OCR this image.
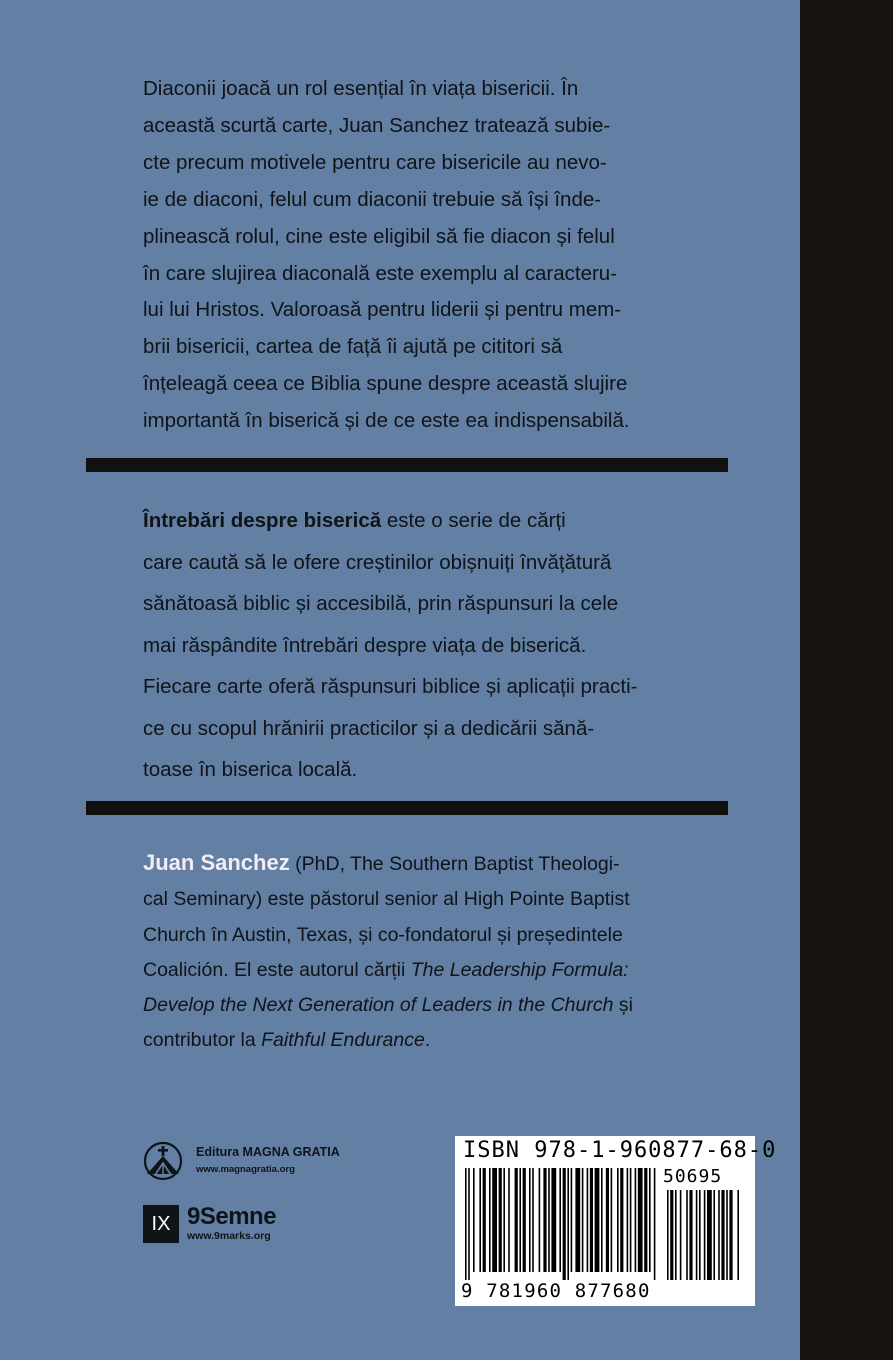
Diaconii joacă un rol esențial în viața bisericii. În
această scurtă carte, Juan Sanchez tratează subie-
cte precum motivele pentru care bisericile au nevo-
ie de diaconi, felul cum diaconii trebuie să își înde-
plinească rolul, cine este eligibil să fie diacon și felul
în care slujirea diaconală este exemplu al caracteru-
lui lui Hristos. Valoroasă pentru liderii și pentru mem-
brii bisericii, cartea de față îi ajută pe cititori să
înțeleagă ceea ce Biblia spune despre această slujire
importantă în biserică și de ce este ea indispensabilă.
Întrebări despre biserică este o serie de cărți
care caută să le ofere creștinilor obișnuiți învățătură
sănătoasă biblic și accesibilă, prin răspunsuri la cele
mai răspândite întrebări despre viața de biserică.
Fiecare carte oferă răspunsuri biblice și aplicații practi-
ce cu scopul hrănirii practicilor și a dedicării sănă-
toase în biserica locală.
Juan Sanchez (PhD, The Southern Baptist Theologi-
cal Seminary) este păstorul senior al High Pointe Baptist
Church în Austin, Texas, și co-fondatorul și președintele
Coalición. El este autorul cărții The Leadership Formula:
Develop the Next Generation of Leaders in the Church și
contributor la Faithful Endurance.
Editura MAGNA GRATIA
www.magnagratia.org
IX 9Semne
www.9marks.org
ISBN 978-1-960877-68-0
50695
9 781960 877680
